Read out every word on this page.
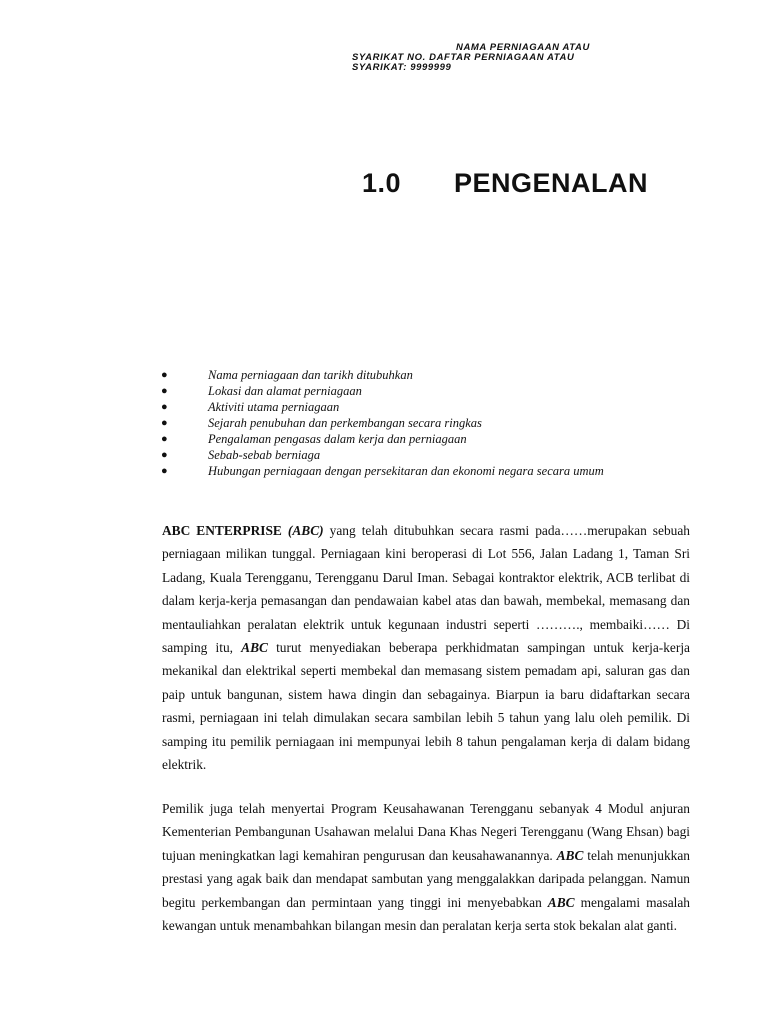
NAMA PERNIAGAAN ATAU
SYARIKAT NO. DAFTAR PERNIAGAAN ATAU
SYARIKAT: 9999999
1.0 PENGENALAN
●	Nama perniagaan dan tarikh ditubuhkan
●	Lokasi dan alamat perniagaan
●	Aktiviti utama perniagaan
●	Sejarah penubuhan dan perkembangan secara ringkas
●	Pengalaman pengasas dalam kerja dan perniagaan
●	Sebab-sebab berniaga
●	Hubungan perniagaan dengan persekitaran dan ekonomi negara secara umum

ABC ENTERPRISE (ABC) yang telah ditubuhkan secara rasmi pada……merupakan sebuah perniagaan milikan tunggal. Perniagaan kini beroperasi di Lot 556, Jalan Ladang 1, Taman Sri Ladang, Kuala Terengganu, Terengganu Darul Iman. Sebagai kontraktor elektrik, ACB terlibat di dalam kerja-kerja pemasangan dan pendawaian kabel atas dan bawah, membekal, memasang dan mentauliahkan peralatan elektrik untuk kegunaan industri seperti ………., membaiki…… Di samping itu, ABC turut menyediakan beberapa perkhidmatan sampingan untuk kerja-kerja mekanikal dan elektrikal seperti membekal dan memasang sistem pemadam api, saluran gas dan paip untuk bangunan, sistem hawa dingin dan sebagainya. Biarpun ia baru didaftarkan secara rasmi, perniagaan ini telah dimulakan secara sambilan lebih 5 tahun yang lalu oleh pemilik. Di samping itu pemilik perniagaan ini mempunyai lebih 8 tahun pengalaman kerja di dalam bidang elektrik.

Pemilik juga telah menyertai Program Keusahawanan Terengganu sebanyak 4 Modul anjuran Kementerian Pembangunan Usahawan melalui Dana Khas Negeri Terengganu (Wang Ehsan) bagi tujuan meningkatkan lagi kemahiran pengurusan dan keusahawanannya. ABC telah menunjukkan prestasi yang agak baik dan mendapat sambutan yang menggalakkan daripada pelanggan. Namun begitu perkembangan dan permintaan yang tinggi ini menyebabkan ABC mengalami masalah kewangan untuk menambahkan bilangan mesin dan peralatan kerja serta stok bekalan alat ganti.
